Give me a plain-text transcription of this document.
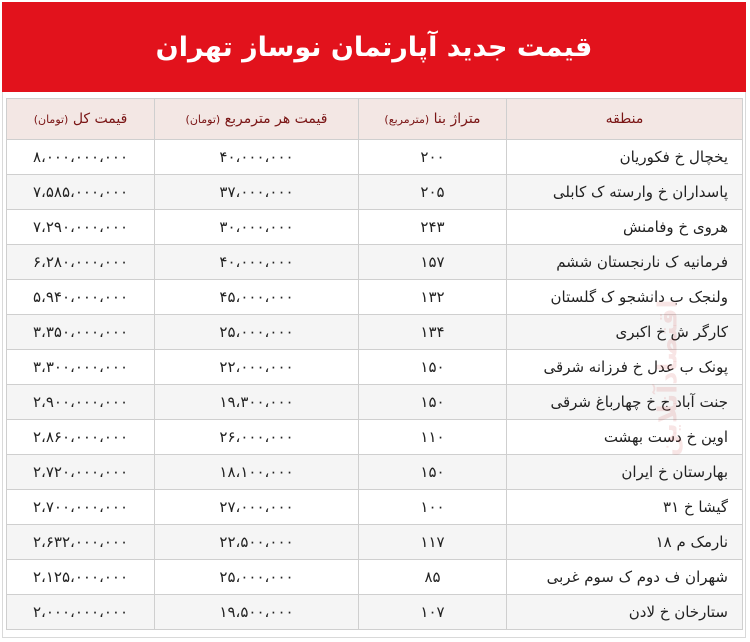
قیمت جدید آپارتمان نوساز تهران
منطقه	متراژ بنا (مترمربع)	قیمت هر مترمربع (تومان)	قیمت کل (تومان)
یخچال خ فکوریان	۲۰۰	۴۰،۰۰۰،۰۰۰	۸،۰۰۰،۰۰۰،۰۰۰
پاسداران خ وارسته ک کابلی	۲۰۵	۳۷،۰۰۰،۰۰۰	۷،۵۸۵،۰۰۰،۰۰۰
هروی خ وفامنش	۲۴۳	۳۰،۰۰۰،۰۰۰	۷،۲۹۰،۰۰۰،۰۰۰
فرمانیه ک نارنجستان ششم	۱۵۷	۴۰،۰۰۰،۰۰۰	۶،۲۸۰،۰۰۰،۰۰۰
ولنجک ب دانشجو ک گلستان	۱۳۲	۴۵،۰۰۰،۰۰۰	۵،۹۴۰،۰۰۰،۰۰۰
کارگر ش خ اکبری	۱۳۴	۲۵،۰۰۰،۰۰۰	۳،۳۵۰،۰۰۰،۰۰۰
پونک ب عدل خ فرزانه شرقی	۱۵۰	۲۲،۰۰۰،۰۰۰	۳،۳۰۰،۰۰۰،۰۰۰
جنت آباد ج خ چهارباغ شرقی	۱۵۰	۱۹،۳۰۰،۰۰۰	۲،۹۰۰،۰۰۰،۰۰۰
اوین خ دست بهشت	۱۱۰	۲۶،۰۰۰،۰۰۰	۲،۸۶۰،۰۰۰،۰۰۰
بهارستان خ ایران	۱۵۰	۱۸،۱۰۰،۰۰۰	۲،۷۲۰،۰۰۰،۰۰۰
گیشا خ ۳۱	۱۰۰	۲۷،۰۰۰،۰۰۰	۲،۷۰۰،۰۰۰،۰۰۰
نارمک م ۱۸	۱۱۷	۲۲،۵۰۰،۰۰۰	۲،۶۳۲،۰۰۰،۰۰۰
شهران ف دوم ک سوم غربی	۸۵	۲۵،۰۰۰،۰۰۰	۲،۱۲۵،۰۰۰،۰۰۰
ستارخان خ لادن	۱۰۷	۱۹،۵۰۰،۰۰۰	۲،۰۰۰،۰۰۰،۰۰۰
